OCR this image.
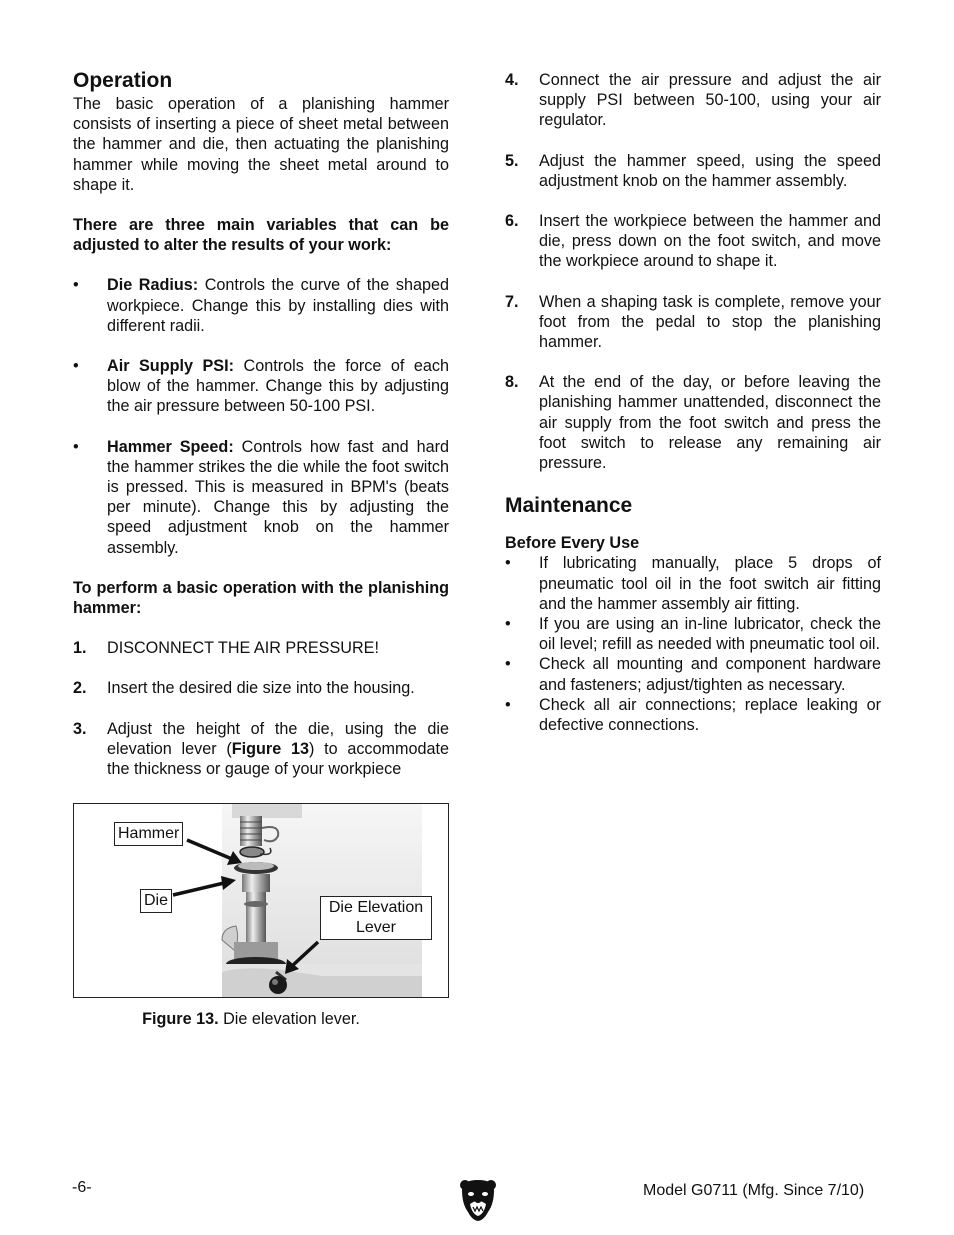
Operation

The basic operation of a planishing hammer consists of inserting a piece of sheet metal between the hammer and die, then actuating the planishing hammer while moving the sheet metal around to shape it.

There are three main variables that can be adjusted to alter the results of your work:

• Die Radius: Controls the curve of the shaped workpiece. Change this by installing dies with different radii.
• Air Supply PSI: Controls the force of each blow of the hammer. Change this by adjusting the air pressure between 50-100 PSI.
• Hammer Speed: Controls how fast and hard the hammer strikes the die while the foot switch is pressed. This is measured in BPM's (beats per minute). Change this by adjusting the speed adjustment knob on the hammer assembly.

To perform a basic operation with the planishing hammer:

1. DISCONNECT THE AIR PRESSURE!
2. Insert the desired die size into the housing.
3. Adjust the height of the die, using the die elevation lever (Figure 13) to accommodate the thickness or gauge of your workpiece
Hammer
Die	Die Elevation
Lever
Figure 13. Die elevation lever.
4. Connect the air pressure and adjust the air supply PSI between 50-100, using your air regulator.
5. Adjust the hammer speed, using the speed adjustment knob on the hammer assembly.
6. Insert the workpiece between the hammer and die, press down on the foot switch, and move the workpiece around to shape it.
7. When a shaping task is complete, remove your foot from the pedal to stop the planishing hammer.
8. At the end of the day, or before leaving the planishing hammer unattended, disconnect the air supply from the foot switch and press the foot switch to release any remaining air pressure.
Maintenance
Before Every Use
• If lubricating manually, place 5 drops of pneumatic tool oil in the foot switch air fitting and the hammer assembly air fitting.
• If you are using an in-line lubricator, check the oil level; refill as needed with pneumatic tool oil.
• Check all mounting and component hardware and fasteners; adjust/tighten as necessary.
• Check all air connections; replace leaking or defective connections.
-6-	Model G0711 (Mfg. Since 7/10)
